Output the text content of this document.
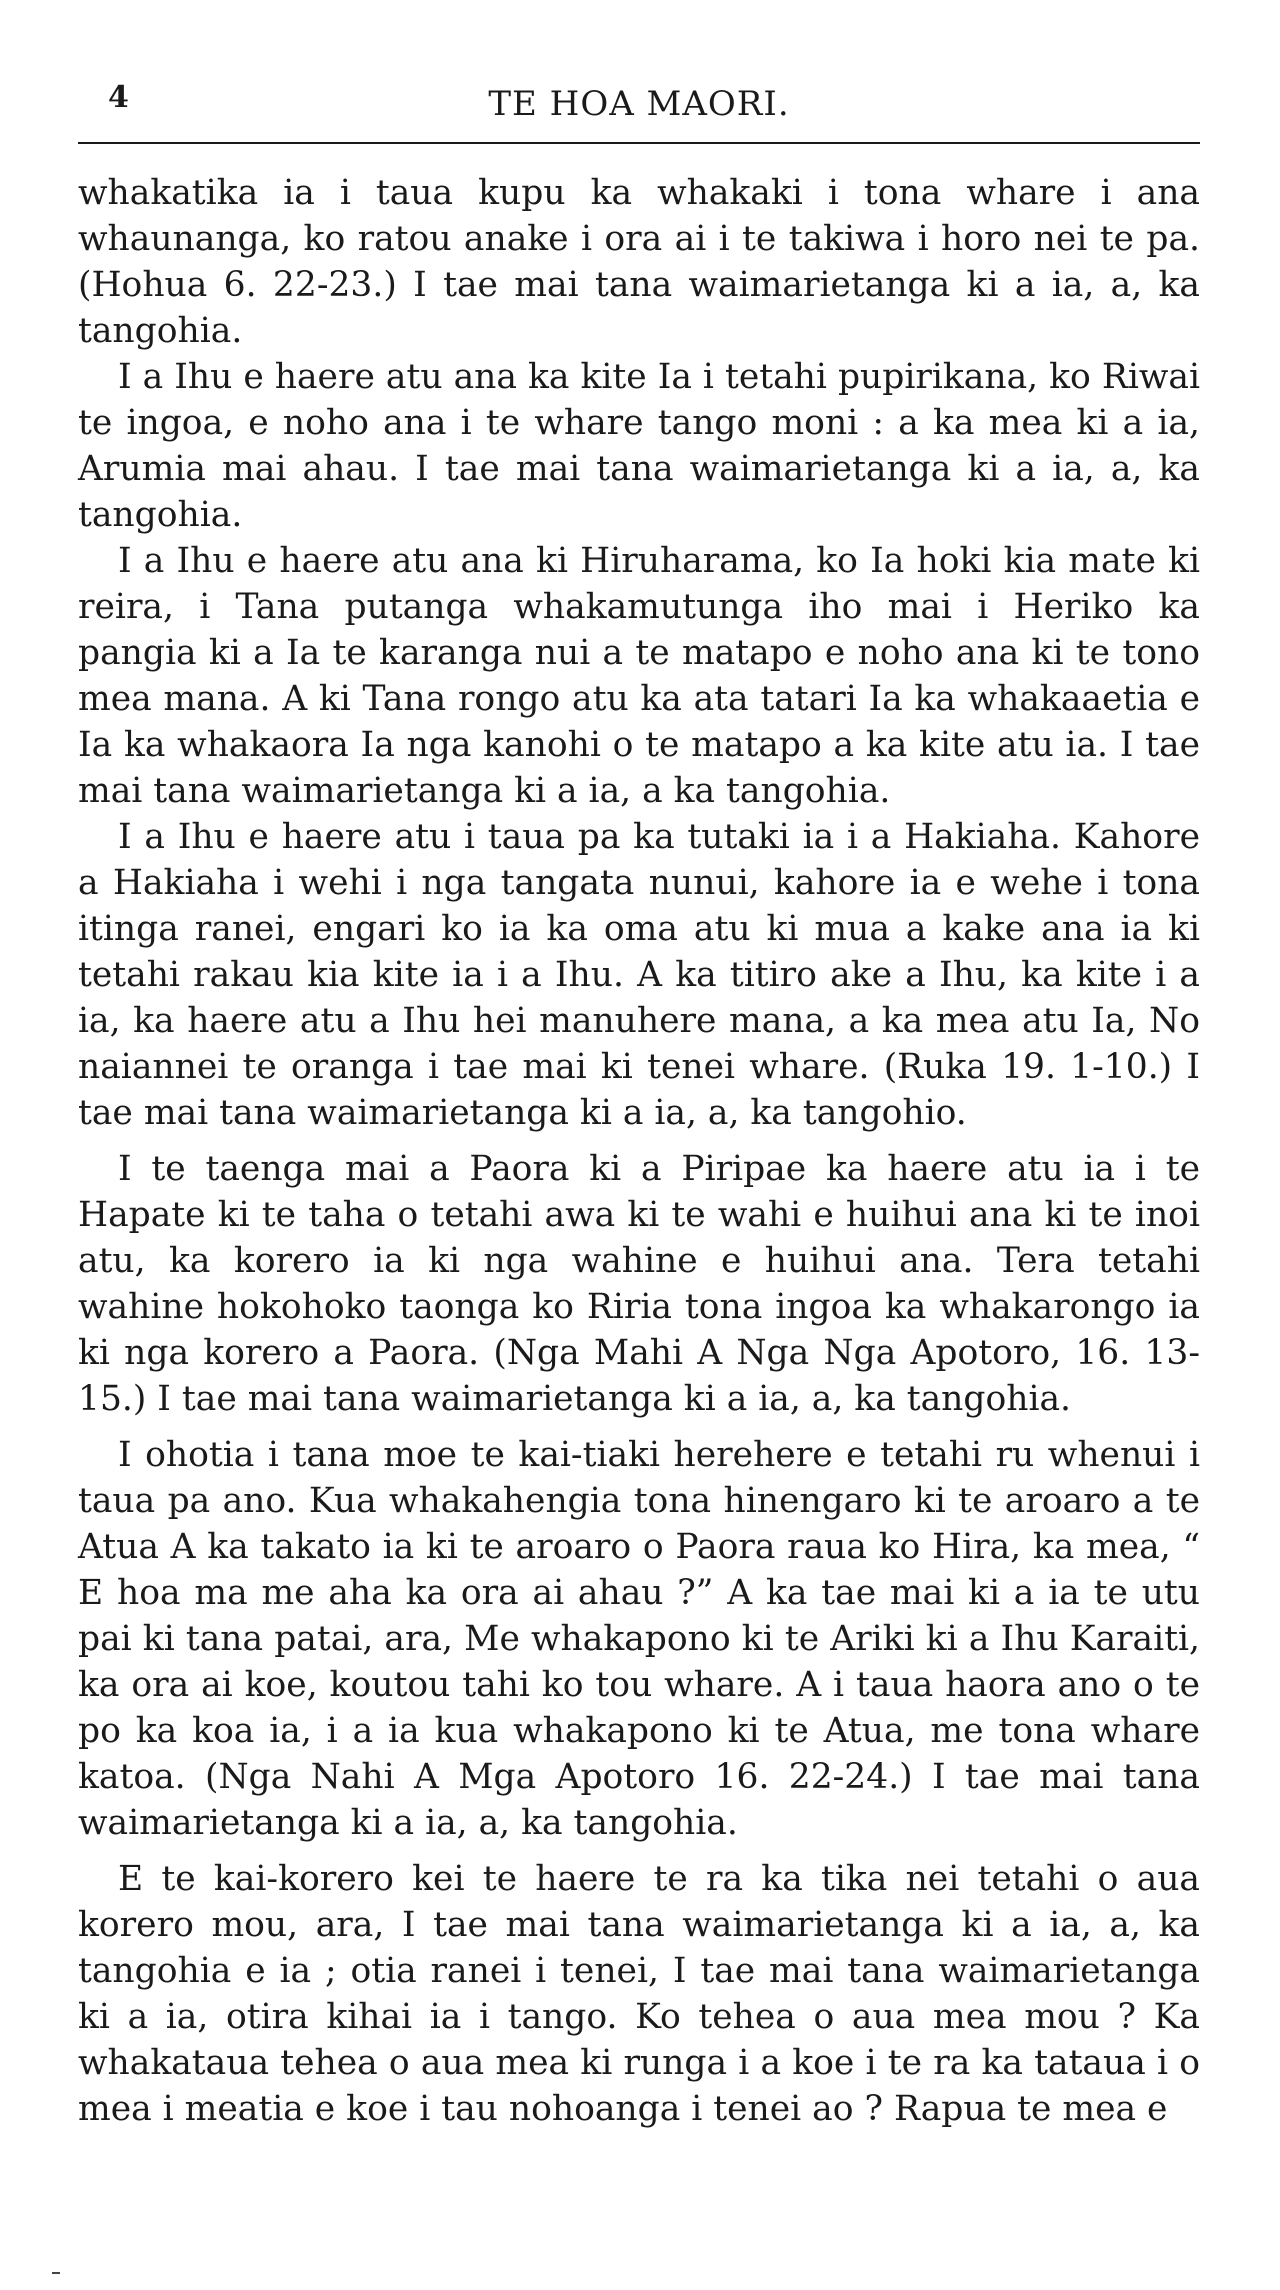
4	TE HOA MAORI.

whakatika ia i taua kupu ka whakaki i tona whare i ana whaunanga, ko ratou anake i ora ai i te takiwa i horo nei te pa. (Hohua 6. 22-23.) I tae mai tana waimarietanga ki a ia, a, ka tangohia.

I a Ihu e haere atu ana ka kite Ia i tetahi pupirikana, ko Riwai te ingoa, e noho ana i te whare tango moni : a ka mea ki a ia, Arumia mai ahau. I tae mai tana waimarietanga ki a ia, a, ka tangohia.

I a Ihu e haere atu ana ki Hiruharama, ko Ia hoki kia mate ki reira, i Tana putanga whakamutunga iho mai i Heriko ka pangia ki a Ia te karanga nui a te matapo e noho ana ki te tono mea mana. A ki Tana rongo atu ka ata tatari Ia ka whakaaetia e Ia ka whakaora Ia nga kanohi o te matapo a ka kite atu ia. I tae mai tana waimarietanga ki a ia, a ka tangohia.

I a Ihu e haere atu i taua pa ka tutaki ia i a Hakiaha. Kahore a Hakiaha i wehi i nga tangata nunui, kahore ia e wehe i tona itinga ranei, engari ko ia ka oma atu ki mua a kake ana ia ki tetahi rakau kia kite ia i a Ihu. A ka titiro ake a Ihu, ka kite i a ia, ka haere atu a Ihu hei manuhere mana, a ka mea atu Ia, No naiannei te oranga i tae mai ki tenei whare. (Ruka 19. 1-10.) I tae mai tana waimarietanga ki a ia, a, ka tangohio.

I te taenga mai a Paora ki a Piripae ka haere atu ia i te Hapate ki te taha o tetahi awa ki te wahi e huihui ana ki te inoi atu, ka korero ia ki nga wahine e huihui ana. Tera tetahi wahine hokohoko taonga ko Riria tona ingoa ka whakarongo ia ki nga korero a Paora. (Nga Mahi A Nga Nga Apotoro, 16. 13-15.) I tae mai tana waimarietanga ki a ia, a, ka tangohia.

I ohotia i tana moe te kai-tiaki herehere e tetahi ru whenui i taua pa ano. Kua whakahengia tona hinengaro ki te aroaro a te Atua A ka takato ia ki te aroaro o Paora raua ko Hira, ka mea, “ E hoa ma me aha ka ora ai ahau ?” A ka tae mai ki a ia te utu pai ki tana patai, ara, Me whakapono ki te Ariki ki a Ihu Karaiti, ka ora ai koe, koutou tahi ko tou whare. A i taua haora ano o te po ka koa ia, i a ia kua whakapono ki te Atua, me tona whare katoa. (Nga Nahi A Mga Apotoro 16. 22-24.) I tae mai tana waimarietanga ki a ia, a, ka tangohia.

E te kai-korero kei te haere te ra ka tika nei tetahi o aua korero mou, ara, I tae mai tana waimarietanga ki a ia, a, ka tangohia e ia ; otia ranei i tenei, I tae mai tana waimarietanga ki a ia, otira kihai ia i tango. Ko tehea o aua mea mou ? Ka whakataua tehea o aua mea ki runga i a koe i te ra ka tataua i o mea i meatia e koe i tau nohoanga i tenei ao ? Rapua te mea e
